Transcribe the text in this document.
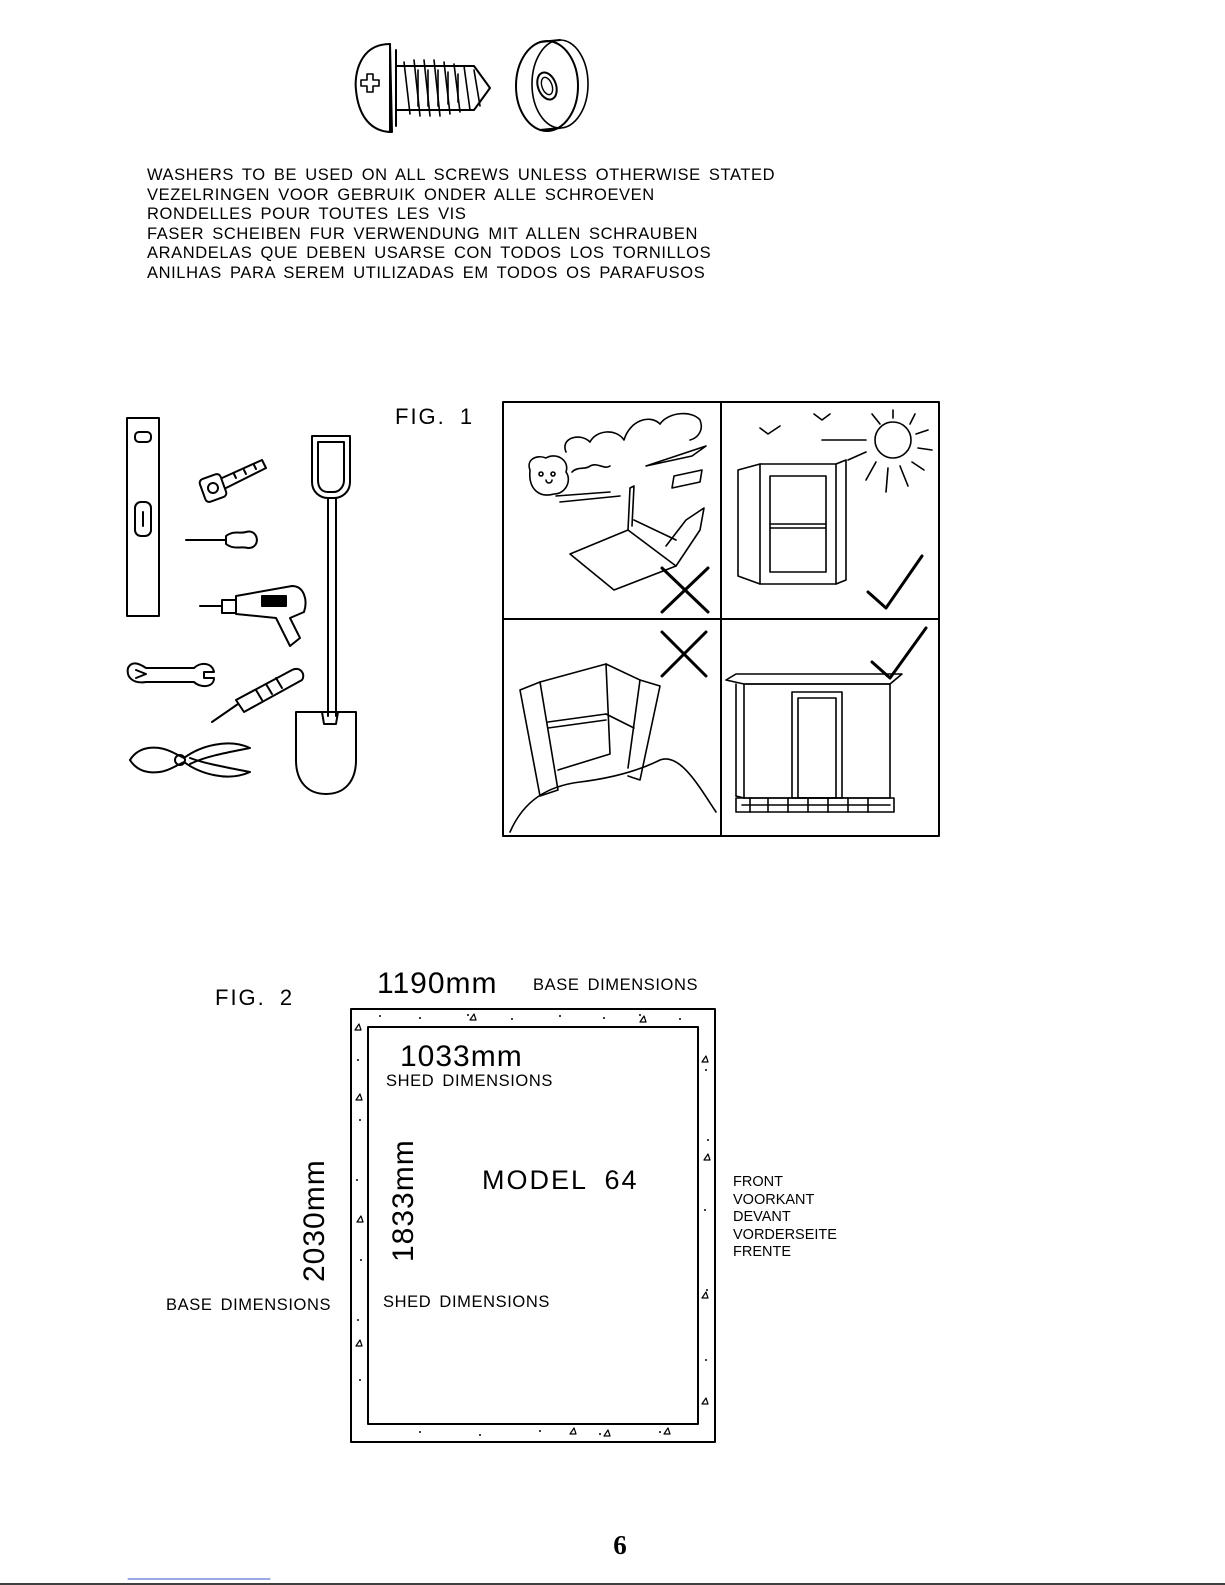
WASHERS TO BE USED ON ALL SCREWS UNLESS OTHERWISE STATED
VEZELRINGEN VOOR GEBRUIK ONDER ALLE SCHROEVEN
RONDELLES POUR TOUTES LES VIS
FASER SCHEIBEN FUR VERWENDUNG MIT ALLEN SCHRAUBEN
ARANDELAS QUE DEBEN USARSE CON TODOS LOS TORNILLOS
ANILHAS PARA SEREM UTILIZADAS EM TODOS OS PARAFUSOS
FIG. 1
FIG. 2	1190mm BASE DIMENSIONS
1033mm
SHED DIMENSIONS
2030mm 1833mm
BASE DIMENSIONS	SHED DIMENSIONS
MODEL 64	FRONT
VOORKANT
DEVANT
VORDERSEITE
FRENTE
6
